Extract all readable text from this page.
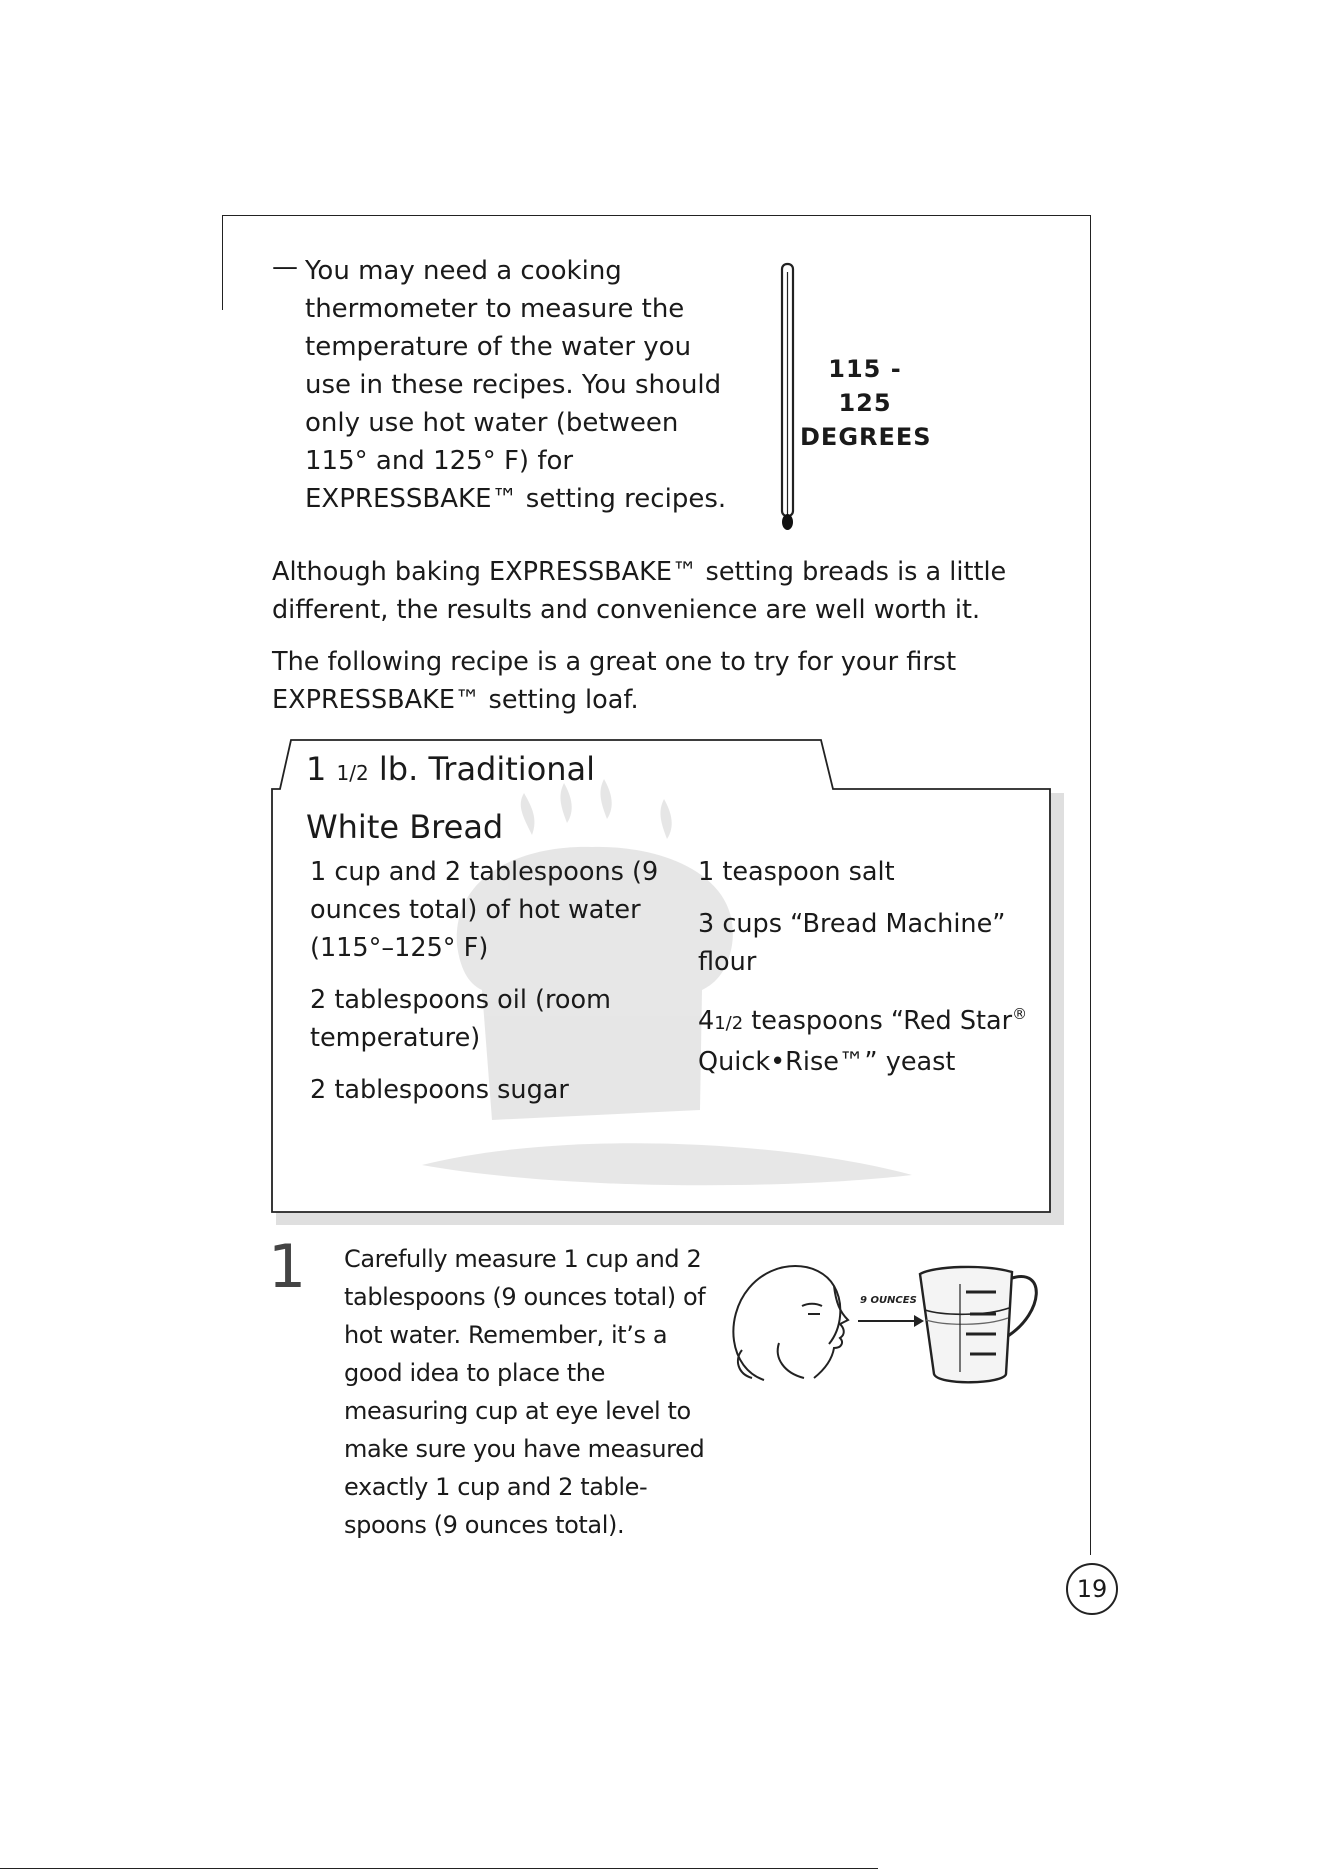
— You may need a cooking thermometer to measure the temperature of the water you use in these recipes. You should only use hot water (between 115° and 125° F) for EXPRESSBAKE™ setting recipes.
115 - 125
DEGREES

Although baking EXPRESSBAKE™ setting breads is a little different, the results and convenience are well worth it.

The following recipe is a great one to try for your first EXPRESSBAKE™ setting loaf.

1 1/2 lb. Traditional
White Bread

1 cup and 2 tablespoons (9 ounces total) of hot water (115°–125° F)

2 tablespoons oil (room temperature)

2 tablespoons sugar

1 teaspoon salt

3 cups “Bread Machine” flour

41/2 teaspoons “Red Star®
Quick•Rise™” yeast

1 Carefully measure 1 cup and 2 tablespoons (9 ounces total) of hot water. Remember, it’s a good idea to place the measuring cup at eye level to make sure you have measured exactly 1 cup and 2 table-spoons (9 ounces total).
9 OUNCES
19
